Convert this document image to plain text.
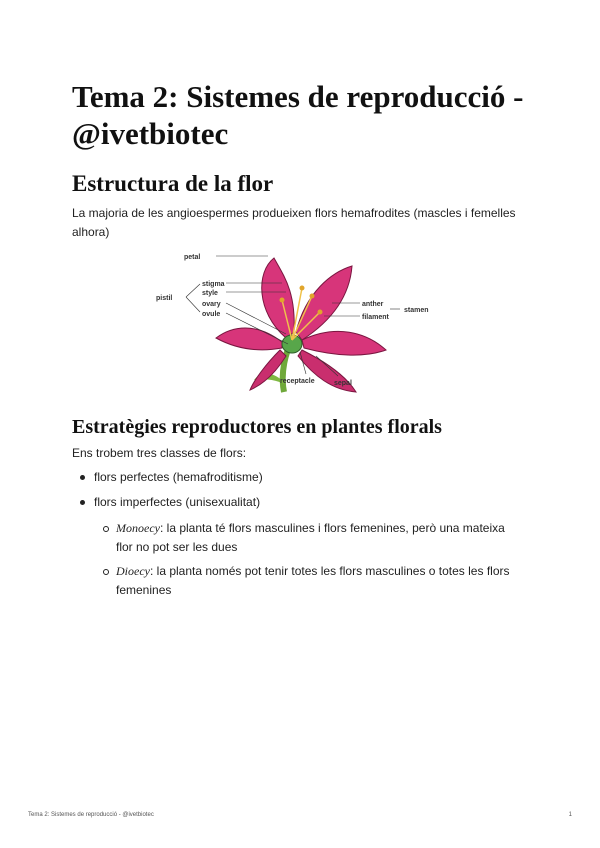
Tema 2: Sistemes de reproducció - @ivetbiotec
Estructura de la flor

La majoria de les angioespermes produeixen flors hemafrodites (mascles i femelles alhora)

petal
pistil
stigma
style
ovary
ovule
anther
filament
stamen
receptacle	sepal
Estratègies reproductores en plantes florals

Ens trobem tres classes de flors:

flors perfectes (hemafroditisme)
flors imperfectes (unisexualitat)
Monoecy: la planta té flors masculines i flors femenines, però una mateixa flor no pot ser les dues
Dioecy: la planta només pot tenir totes les flors masculines o totes les flors femenines
Tema 2: Sistemes de reproducció - @ivetbiotec	1
